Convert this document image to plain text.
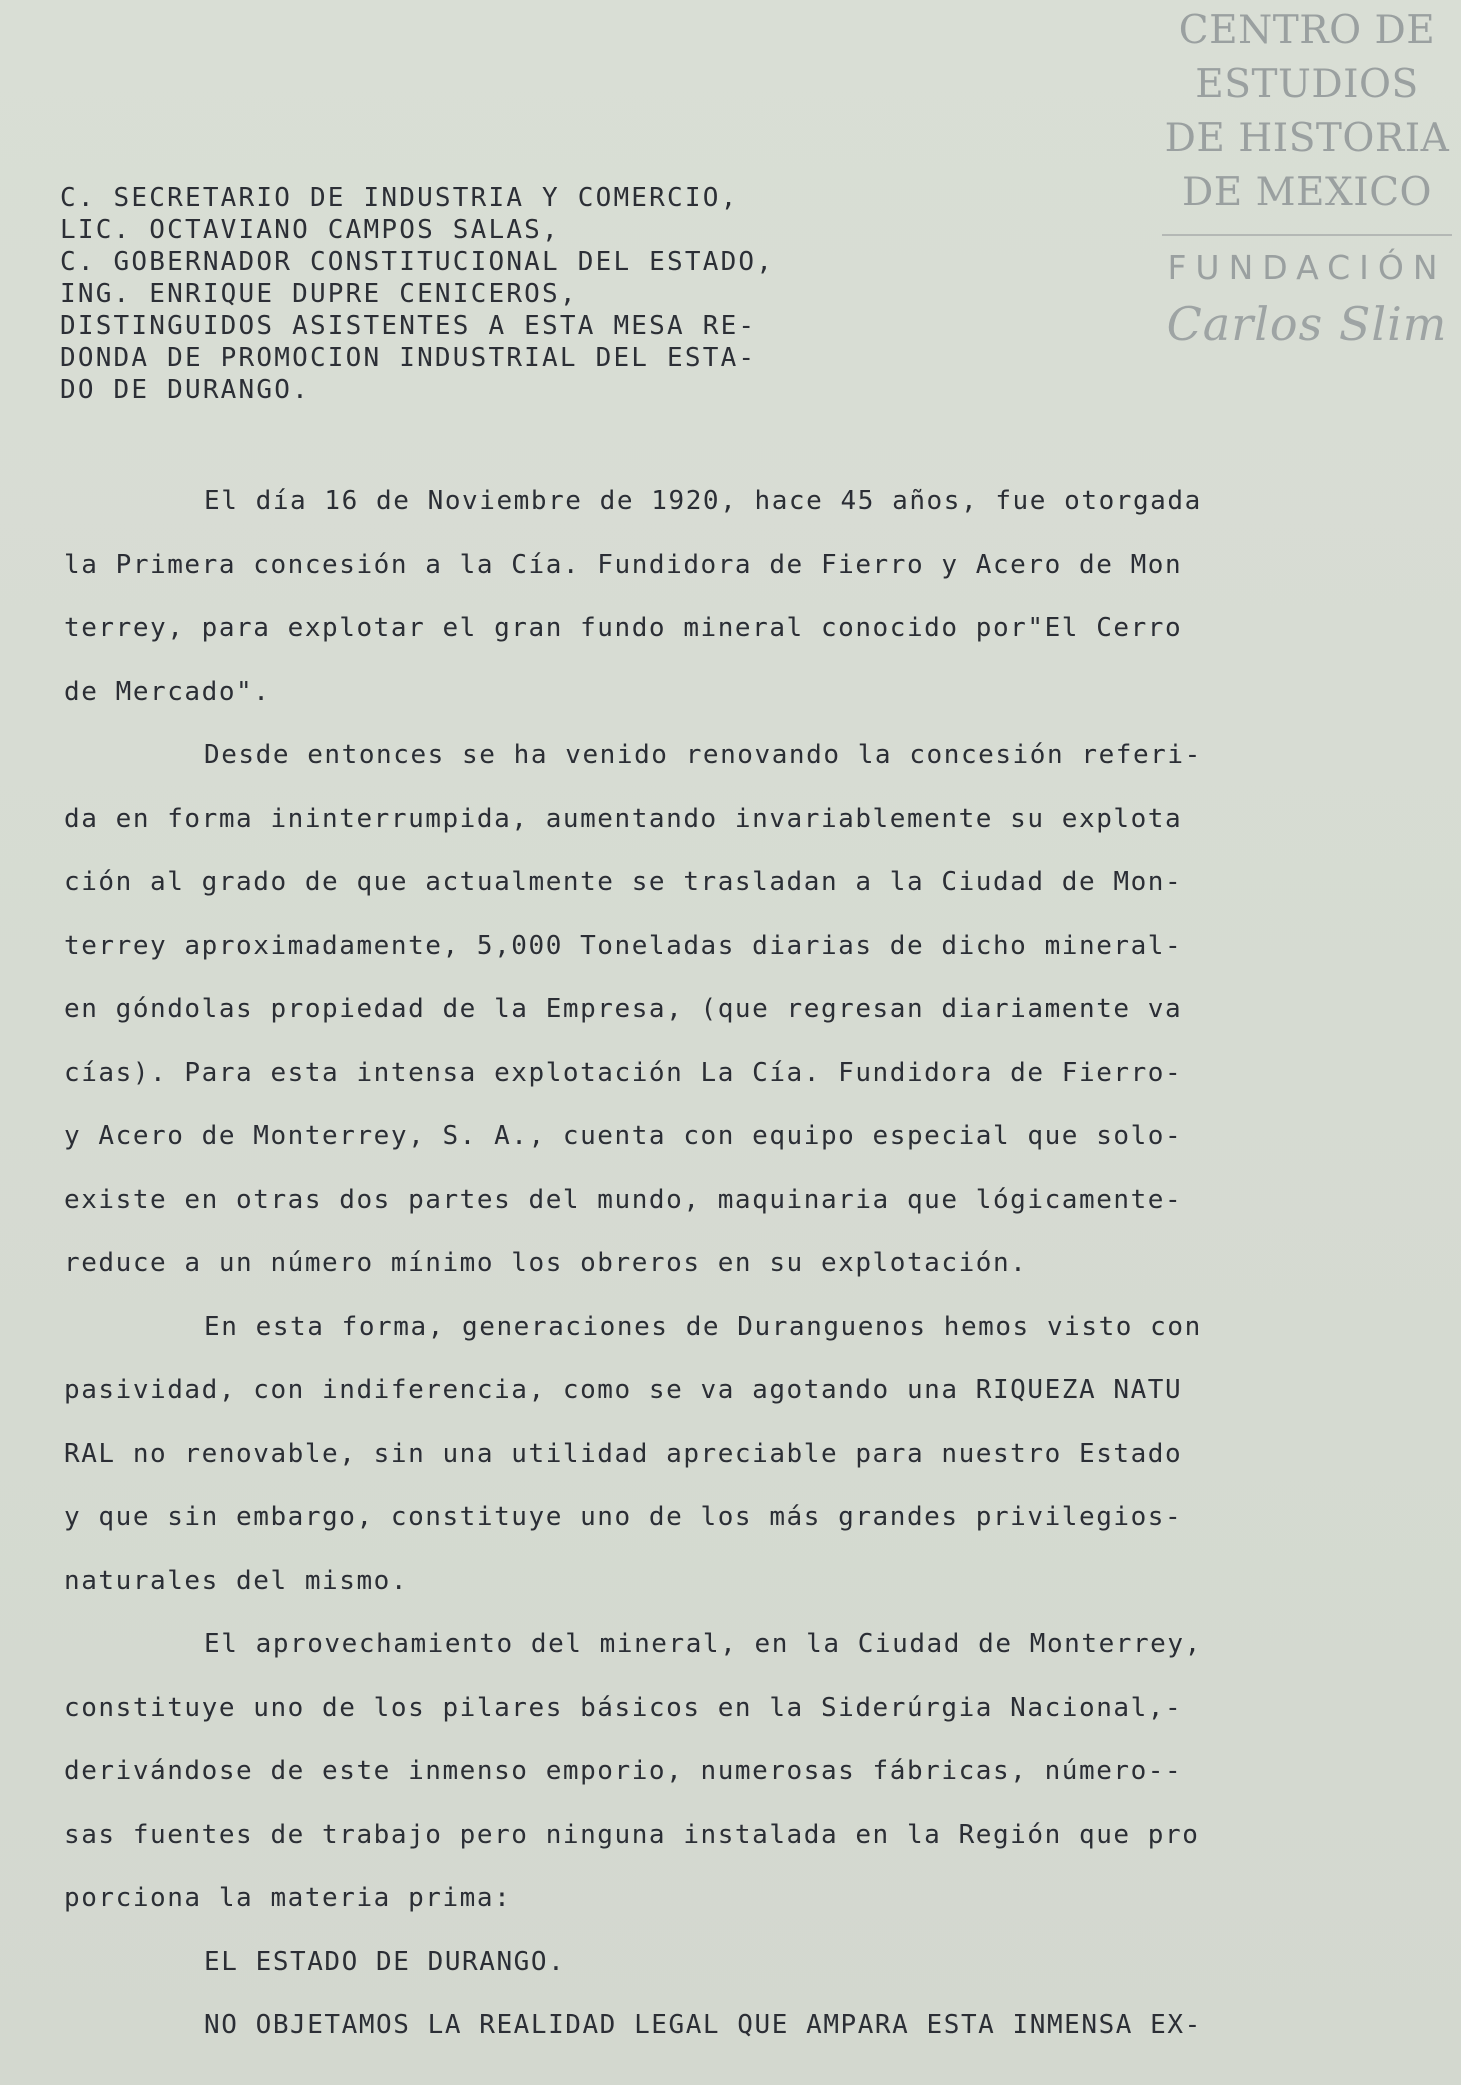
CENTRO DE
ESTUDIOS
DE HISTORIA
DE MEXICO
FUNDACIÓN
Carlos Slim
C. SECRETARIO DE INDUSTRIA Y COMERCIO,
LIC. OCTAVIANO CAMPOS SALAS,
C. GOBERNADOR CONSTITUCIONAL DEL ESTADO,
ING. ENRIQUE DUPRE CENICEROS,
DISTINGUIDOS ASISTENTES A ESTA MESA RE-
DONDA DE PROMOCION INDUSTRIAL DEL ESTA-
DO DE DURANGO.
El día 16 de Noviembre de 1920, hace 45 años, fue otorgada
la Primera concesión a la Cía. Fundidora de Fierro y Acero de Mon
terrey, para explotar el gran fundo mineral conocido por"El Cerro
de Mercado".
Desde entonces se ha venido renovando la concesión referi-
da en forma ininterrumpida, aumentando invariablemente su explota
ción al grado de que actualmente se trasladan a la Ciudad de Mon-
terrey aproximadamente, 5,000 Toneladas diarias de dicho mineral-
en góndolas propiedad de la Empresa, (que regresan diariamente va
cías). Para esta intensa explotación La Cía. Fundidora de Fierro-
y Acero de Monterrey, S. A., cuenta con equipo especial que solo-
existe en otras dos partes del mundo, maquinaria que lógicamente-
reduce a un número mínimo los obreros en su explotación.
En esta forma, generaciones de Duranguenos hemos visto con
pasividad, con indiferencia, como se va agotando una RIQUEZA NATU
RAL no renovable, sin una utilidad apreciable para nuestro Estado
y que sin embargo, constituye uno de los más grandes privilegios-
naturales del mismo.
El aprovechamiento del mineral, en la Ciudad de Monterrey,
constituye uno de los pilares básicos en la Siderúrgia Nacional,-
derivándose de este inmenso emporio, numerosas fábricas, número--
sas fuentes de trabajo pero ninguna instalada en la Región que pro
porciona la materia prima:
EL ESTADO DE DURANGO.
NO OBJETAMOS LA REALIDAD LEGAL QUE AMPARA ESTA INMENSA EX-
